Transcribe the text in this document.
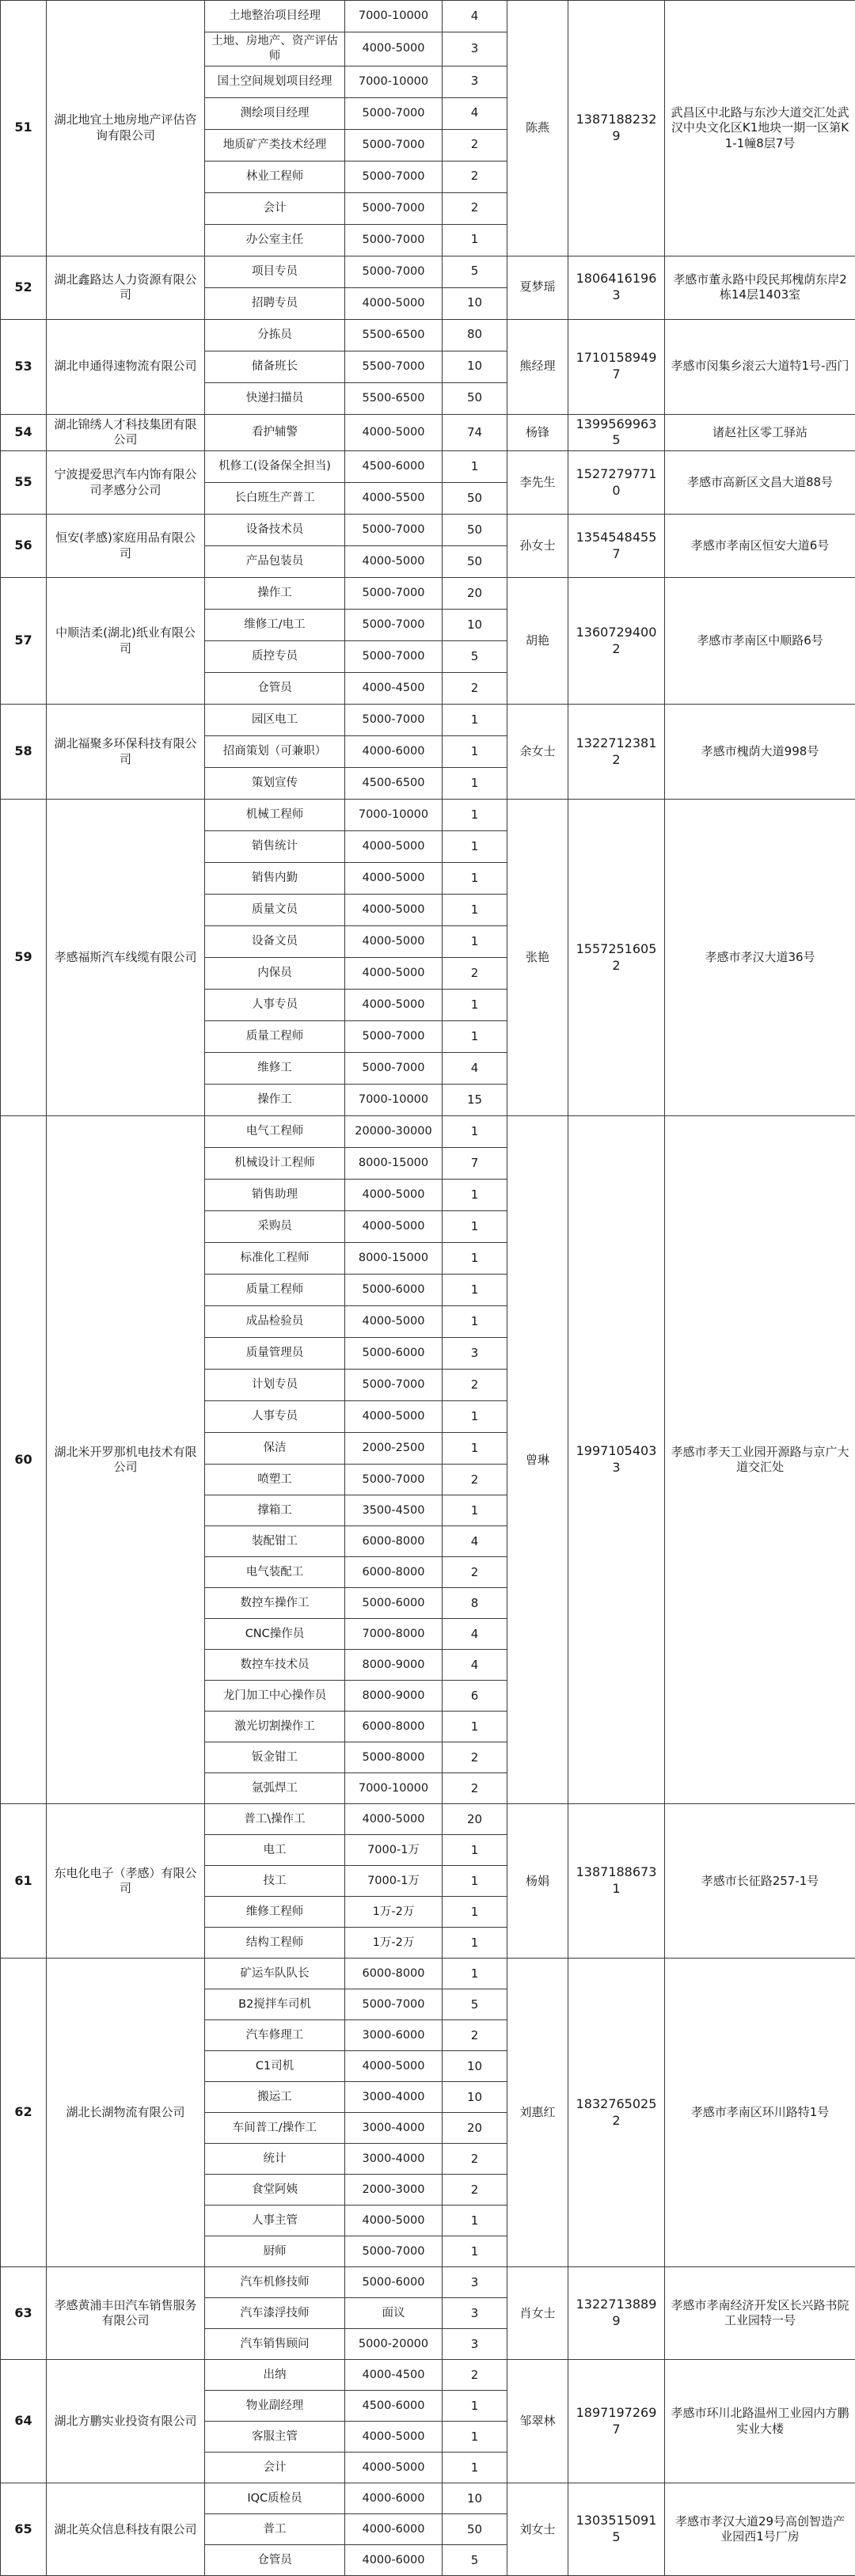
51	湖北地宜土地房地产评估咨询有限公司	土地整治项目经理	7000-10000	4	陈燕	13871882329	武昌区中北路与东沙大道交汇处武汉中央文化区K1地块一期一区第K1-1幢8层7号
		土地、房地产、资产评估师	4000-5000	3			
		国土空间规划项目经理	7000-10000	3			
		测绘项目经理	5000-7000	4			
		地质矿产类技术经理	5000-7000	2			
		林业工程师	5000-7000	2			
		会计	5000-7000	2			
		办公室主任	5000-7000	1			
52	湖北鑫路达人力资源有限公司	项目专员	5000-7000	5	夏梦瑶	18064161963	孝感市董永路中段民邦槐荫东岸2栋14层1403室
		招聘专员	4000-5000	10			
53	湖北申通得速物流有限公司	分拣员	5500-6500	80	熊经理	17101589497	孝感市闵集乡滚云大道特1号-西门
		储备班长	5500-7000	10			
		快递扫描员	5500-6500	50			
54	湖北锦绣人才科技集团有限公司	看护辅警	4000-5000	74	杨锋	13995699635	诸赵社区零工驿站
55	宁波提爱思汽车内饰有限公司孝感分公司	机修工(设备保全担当)	4500-6000	1	李先生	15272797710	孝感市高新区文昌大道88号
		长白班生产普工	4000-5500	50			
56	恒安(孝感)家庭用品有限公司	设备技术员	5000-7000	50	孙女士	13545484557	孝感市孝南区恒安大道6号
		产品包装员	4000-5000	50			
57	中顺洁柔(湖北)纸业有限公司	操作工	5000-7000	20	胡艳	13607294002	孝感市孝南区中顺路6号
		维修工/电工	5000-7000	10			
		质控专员	5000-7000	5			
		仓管员	4000-4500	2			
58	湖北福聚多环保科技有限公司	园区电工	5000-7000	1	余女士	13227123812	孝感市槐荫大道998号
		招商策划（可兼职）	4000-6000	1			
		策划宣传	4500-6500	1			
59	孝感福斯汽车线缆有限公司	机械工程师	7000-10000	1	张艳	15572516052	孝感市孝汉大道36号
		销售统计	4000-5000	1			
		销售内勤	4000-5000	1			
		质量文员	4000-5000	1			
		设备文员	4000-5000	1			
		内保员	4000-5000	2			
		人事专员	4000-5000	1			
		质量工程师	5000-7000	1			
		维修工	5000-7000	4			
		操作工	7000-10000	15			
60	湖北米开罗那机电技术有限公司	电气工程师	20000-30000	1	曾琳	19971054033	孝感市孝天工业园开源路与京广大道交汇处
		机械设计工程师	8000-15000	7			
		销售助理	4000-5000	1			
		采购员	4000-5000	1			
		标准化工程师	8000-15000	1			
		质量工程师	5000-6000	1			
		成品检验员	4000-5000	1			
		质量管理员	5000-6000	3			
		计划专员	5000-7000	2			
		人事专员	4000-5000	1			
		保洁	2000-2500	1			
		喷塑工	5000-7000	2			
		撑箱工	3500-4500	1			
		装配钳工	6000-8000	4			
		电气装配工	6000-8000	2			
		数控车操作工	5000-6000	8			
		CNC操作员	7000-8000	4			
		数控车技术员	8000-9000	4			
		龙门加工中心操作员	8000-9000	6			
		激光切割操作工	6000-8000	1			
		钣金钳工	5000-8000	2			
		氩弧焊工	7000-10000	2			
61	东电化电子（孝感）有限公司	普工\操作工	4000-5000	20	杨娟	13871886731	孝感市长征路257-1号
		电工	7000-1万	1			
		技工	7000-1万	1			
		维修工程师	1万-2万	1			
		结构工程师	1万-2万	1			
62	湖北长湖物流有限公司	矿运车队队长	6000-8000	1	刘惠红	18327650252	孝感市孝南区环川路特1号
		B2搅拌车司机	5000-7000	5			
		汽车修理工	3000-6000	2			
		C1司机	4000-5000	10			
		搬运工	3000-4000	10			
		车间普工/操作工	3000-4000	20			
		统计	3000-4000	2			
		食堂阿姨	2000-3000	2			
		人事主管	4000-5000	1			
		厨师	5000-7000	1			
63	孝感黄浦丰田汽车销售服务有限公司	汽车机修技师	5000-6000	3	肖女士	13227138899	孝感市孝南经济开发区长兴路书院工业园特一号
		汽车漆浮技师	面议	3			
		汽车销售顾问	5000-20000	3			
64	湖北方鹏实业投资有限公司	出纳	4000-4500	2	邹翠林	18971972697	孝感市环川北路温州工业园内方鹏实业大楼
		物业副经理	4500-6000	1			
		客服主管	4000-5000	1			
		会计	4000-5000	1			
65	湖北英众信息科技有限公司	IQC质检员	4000-6000	10	刘女士	13035150915	孝感市孝汉大道29号高创智造产业园西1号厂房
		普工	4000-6000	50			
		仓管员	4000-6000	5			
